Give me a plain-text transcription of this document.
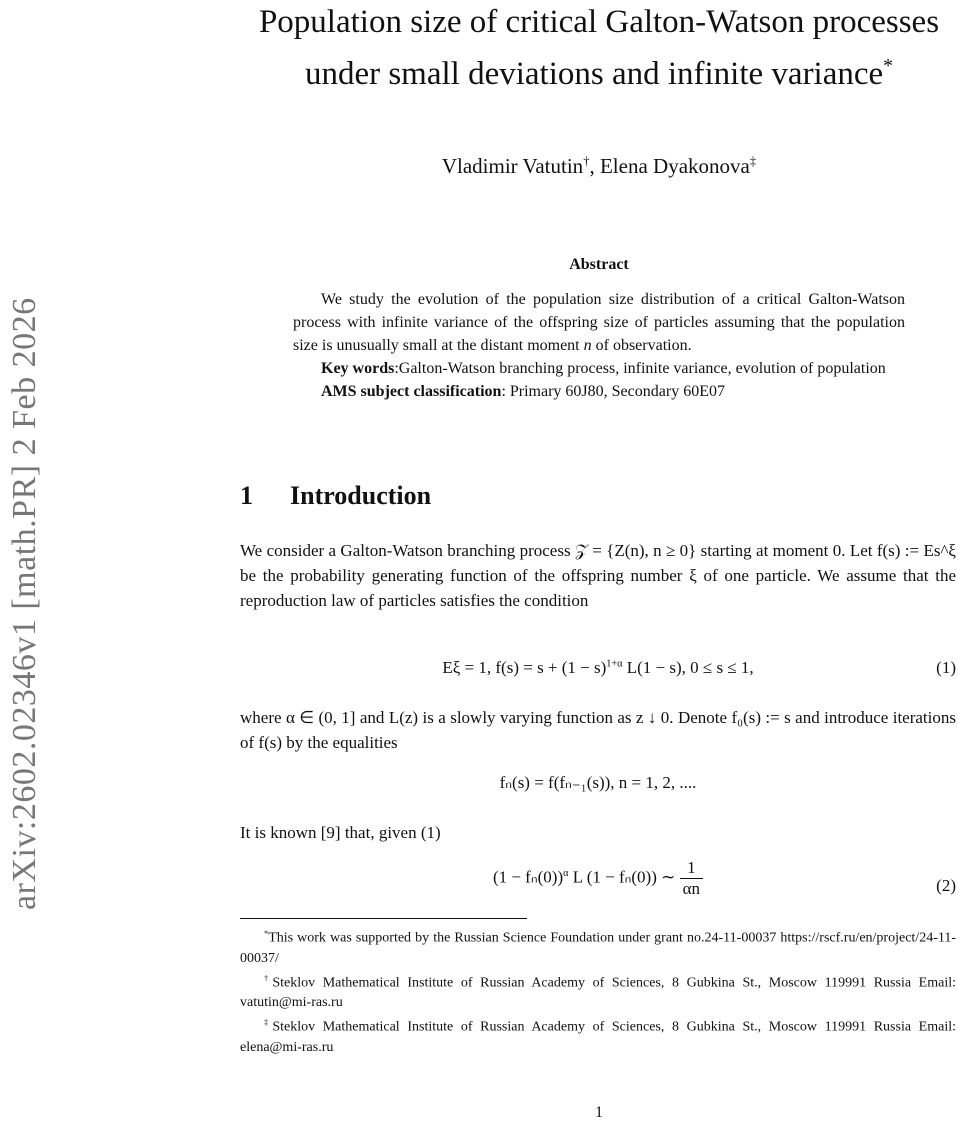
arXiv:2602.02346v1 [math.PR] 2 Feb 2026
Population size of critical Galton-Watson processes under small deviations and infinite variance*
Vladimir Vatutin†, Elena Dyakonova‡
Abstract

We study the evolution of the population size distribution of a critical Galton-Watson process with infinite variance of the offspring size of particles assuming that the population size is unusually small at the distant moment n of observation.

Key words:Galton-Watson branching process, infinite variance, evolution of population

AMS subject classification: Primary 60J80, Secondary 60E07

1 Introduction
We consider a Galton-Watson branching process 𝒵 = {Z(n), n ≥ 0} starting at moment 0. Let f(s) := Es^ξ be the probability generating function of the offspring number ξ of one particle. We assume that the reproduction law of particles satisfies the condition
Eξ = 1, $f(s) = s + (1 - s)^{1+\alpha}$ L(1 − s), 0 ≤ s ≤ 1,	(1)
where α ∈ (0, 1] and L(z) is a slowly varying function as z ↓ 0. Denote f₀(s) := s and introduce iterations of f(s) by the equalities
fₙ(s) = f(fₙ₋₁(s)), n = 1, 2, ....
It is known [9] that, given (1)
$(1 - f_n(0))^\alpha$ L (1 − fₙ(0)) ∼ $\frac{1}{\alpha n}$	(2)

*This work was supported by the Russian Science Foundation under grant no.24-11-00037 https://rscf.ru/en/project/24-11-00037/

†Steklov Mathematical Institute of Russian Academy of Sciences, 8 Gubkina St., Moscow 119991 Russia Email: vatutin@mi-ras.ru

‡Steklov Mathematical Institute of Russian Academy of Sciences, 8 Gubkina St., Moscow 119991 Russia Email: elena@mi-ras.ru

1
